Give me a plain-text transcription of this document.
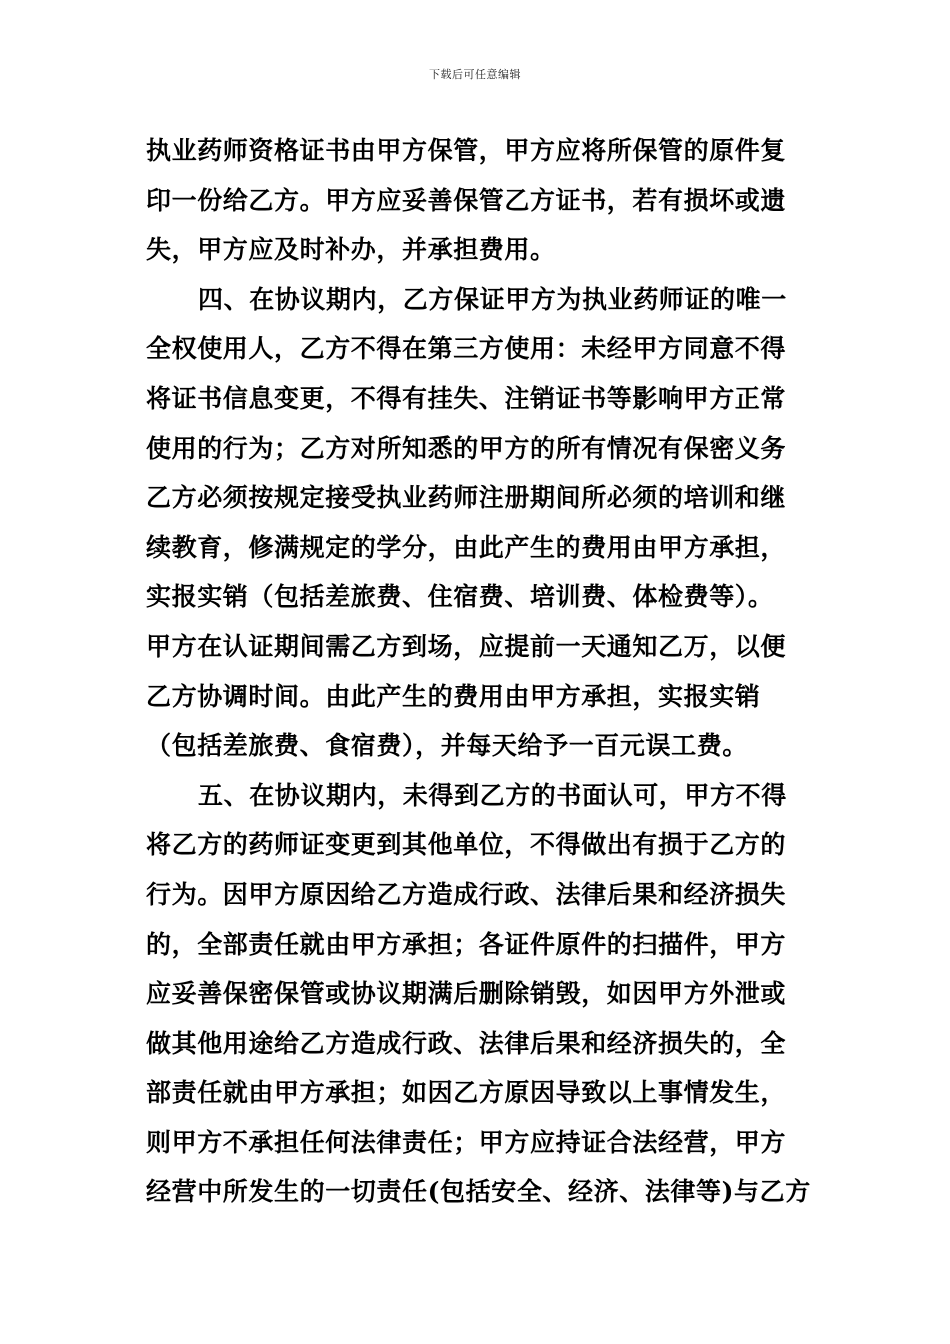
下载后可任意编辑
执业药师资格证书由甲方保管，甲方应将所保管的原件复
印一份给乙方。甲方应妥善保管乙方证书，若有损坏或遗
失，甲方应及时补办，并承担费用。
四、在协议期内，乙方保证甲方为执业药师证的唯一
全权使用人，乙方不得在第三方使用：未经甲方同意不得
将证书信息变更，不得有挂失、注销证书等影响甲方正常
使用的行为；乙方对所知悉的甲方的所有情况有保密义务
乙方必须按规定接受执业药师注册期间所必须的培训和继
续教育，修满规定的学分，由此产生的费用由甲方承担，
实报实销（包括差旅费、住宿费、培训费、体检费等）。
甲方在认证期间需乙方到场，应提前一天通知乙万，以便
乙方协调时间。由此产生的费用由甲方承担，实报实销
（包括差旅费、食宿费），并每天给予一百元误工费。
五、在协议期内，未得到乙方的书面认可，甲方不得
将乙方的药师证变更到其他单位，不得做出有损于乙方的
行为。因甲方原因给乙方造成行政、法律后果和经济损失
的，全部责任就由甲方承担；各证件原件的扫描件，甲方
应妥善保密保管或协议期满后删除销毁，如因甲方外泄或
做其他用途给乙方造成行政、法律后果和经济损失的，全
部责任就由甲方承担；如因乙方原因导致以上事情发生，
则甲方不承担任何法律责任；甲方应持证合法经营，甲方
经营中所发生的一切责任(包括安全、经济、法律等)与乙方
